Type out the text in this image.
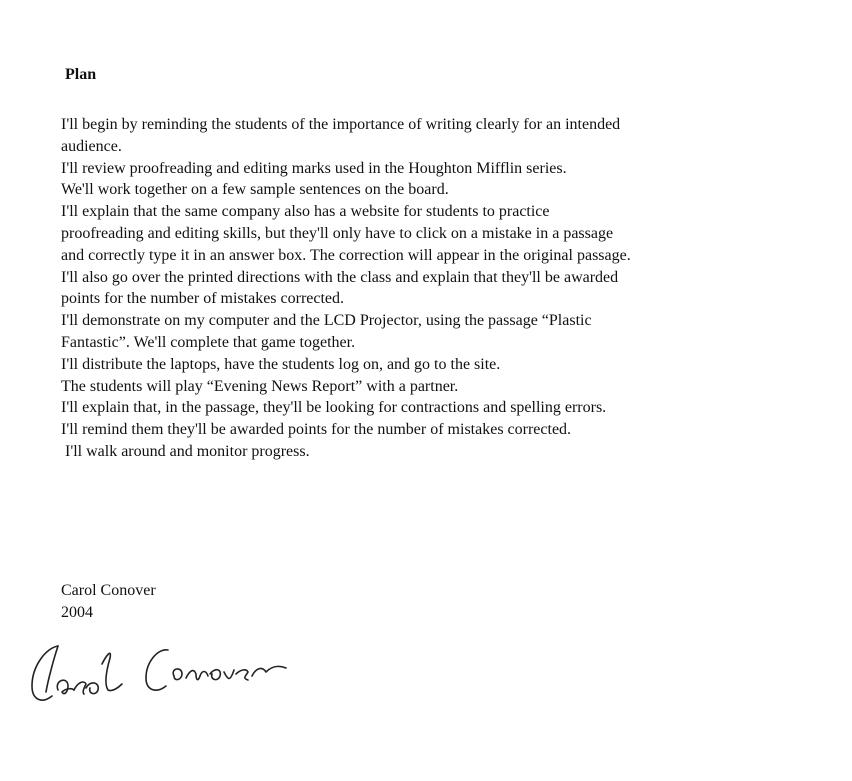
Plan
I'll begin by reminding the students of the importance of writing clearly for an intended
audience.
I'll review proofreading and editing marks used in the Houghton Mifflin series.
We'll work together on a few sample sentences on the board.
I'll explain that the same company also has a website for students to practice
proofreading and editing skills, but they'll only have to click on a mistake in a passage
and correctly type it in an answer box. The correction will appear in the original passage.
I'll also go over the printed directions with the class and explain that they'll be awarded
points for the number of mistakes corrected.
I'll demonstrate on my computer and the LCD Projector, using the passage “Plastic
Fantastic”. We'll complete that game together.
I'll distribute the laptops, have the students log on, and go to the site.
The students will play “Evening News Report” with a partner.
I'll explain that, in the passage, they'll be looking for contractions and spelling errors.
I'll remind them they'll be awarded points for the number of mistakes corrected.
I'll walk around and monitor progress.
Carol Conover
2004
